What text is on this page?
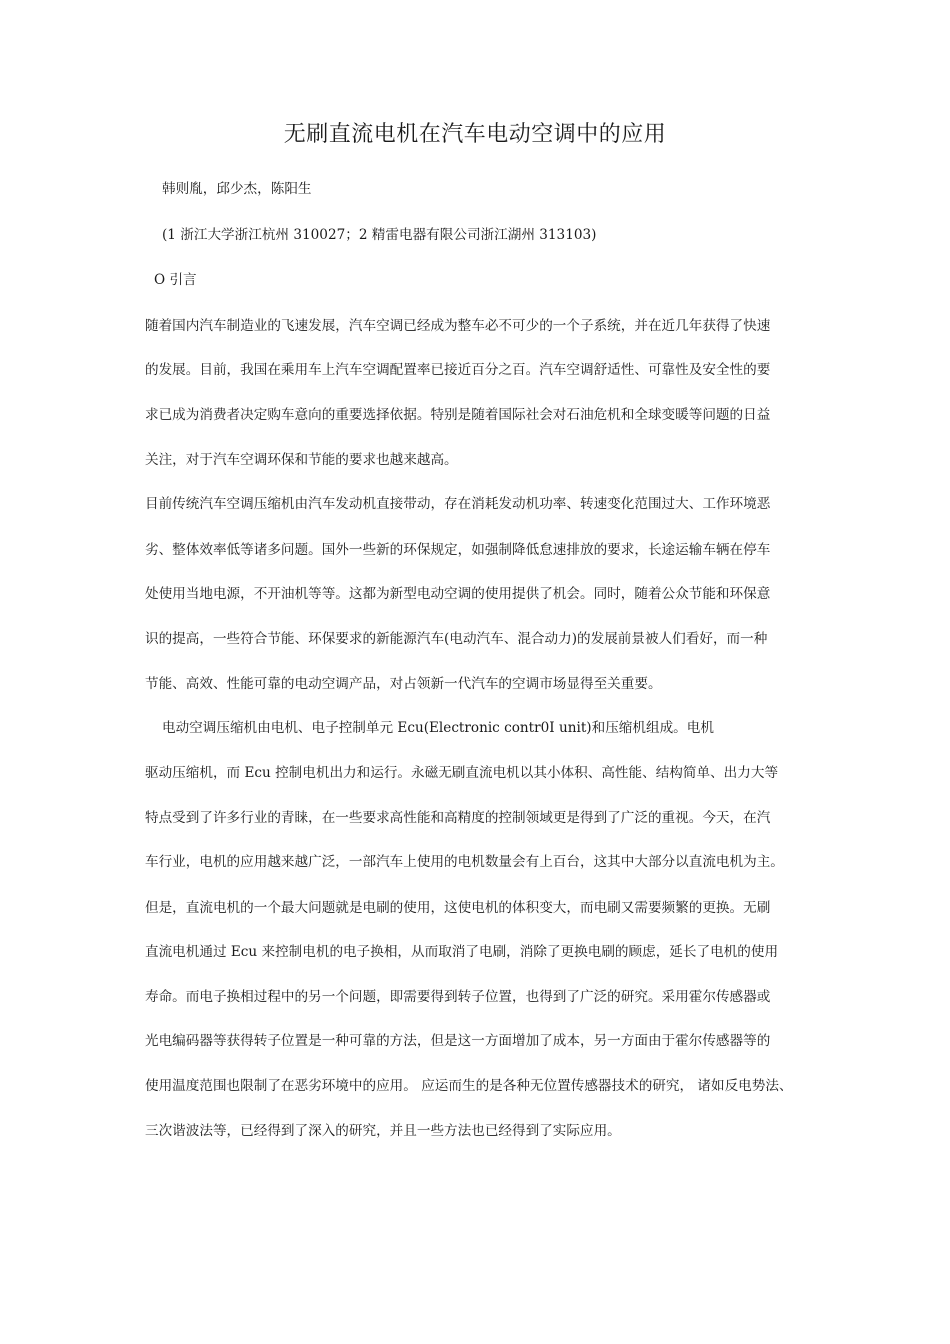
无刷直流电机在汽车电动空调中的应用
韩则胤，邱少杰，陈阳生
(1 浙江大学浙江杭州 310027；2 精雷电器有限公司浙江湖州 313103)
O 引言
随着国内汽车制造业的飞速发展，汽车空调已经成为整车必不可少的一个子系统，并在近几年获得了快速
的发展。目前，我国在乘用车上汽车空调配置率已接近百分之百。汽车空调舒适性、可靠性及安全性的要
求已成为消费者决定购车意向的重要选择依据。特别是随着国际社会对石油危机和全球变暖等问题的日益
关注，对于汽车空调环保和节能的要求也越来越高。
目前传统汽车空调压缩机由汽车发动机直接带动，存在消耗发动机功率、转速变化范围过大、工作环境恶
劣、整体效率低等诸多问题。国外一些新的环保规定，如强制降低怠速排放的要求，长途运输车辆在停车
处使用当地电源，不开油机等等。这都为新型电动空调的使用提供了机会。同时，随着公众节能和环保意
识的提高，一些符合节能、环保要求的新能源汽车(电动汽车、混合动力)的发展前景被人们看好，而一种
节能、高效、性能可靠的电动空调产品，对占领新一代汽车的空调市场显得至关重要。
电动空调压缩机由电机、电子控制单元 Ecu(Electronic contr0I unit)和压缩机组成。电机
驱动压缩机，而 Ecu 控制电机出力和运行。永磁无刷直流电机以其小体积、高性能、结构简单、出力大等
特点受到了许多行业的青睐，在一些要求高性能和高精度的控制领域更是得到了广泛的重视。今天，在汽
车行业，电机的应用越来越广泛，一部汽车上使用的电机数量会有上百台，这其中大部分以直流电机为主。
但是，直流电机的一个最大问题就是电刷的使用，这使电机的体积变大，而电刷又需要频繁的更换。无刷
直流电机通过 Ecu 来控制电机的电子换相，从而取消了电刷，消除了更换电刷的顾虑，延长了电机的使用
寿命。而电子换相过程中的另一个问题，即需要得到转子位置，也得到了广泛的研究。采用霍尔传感器或
光电编码器等获得转子位置是一种可靠的方法，但是这一方面增加了成本，另一方面由于霍尔传感器等的
使用温度范围也限制了在恶劣环境中的应用。 应运而生的是各种无位置传感器技术的研究， 诸如反电势法、
三次谐波法等，已经得到了深入的研究，并且一些方法也已经得到了实际应用。
